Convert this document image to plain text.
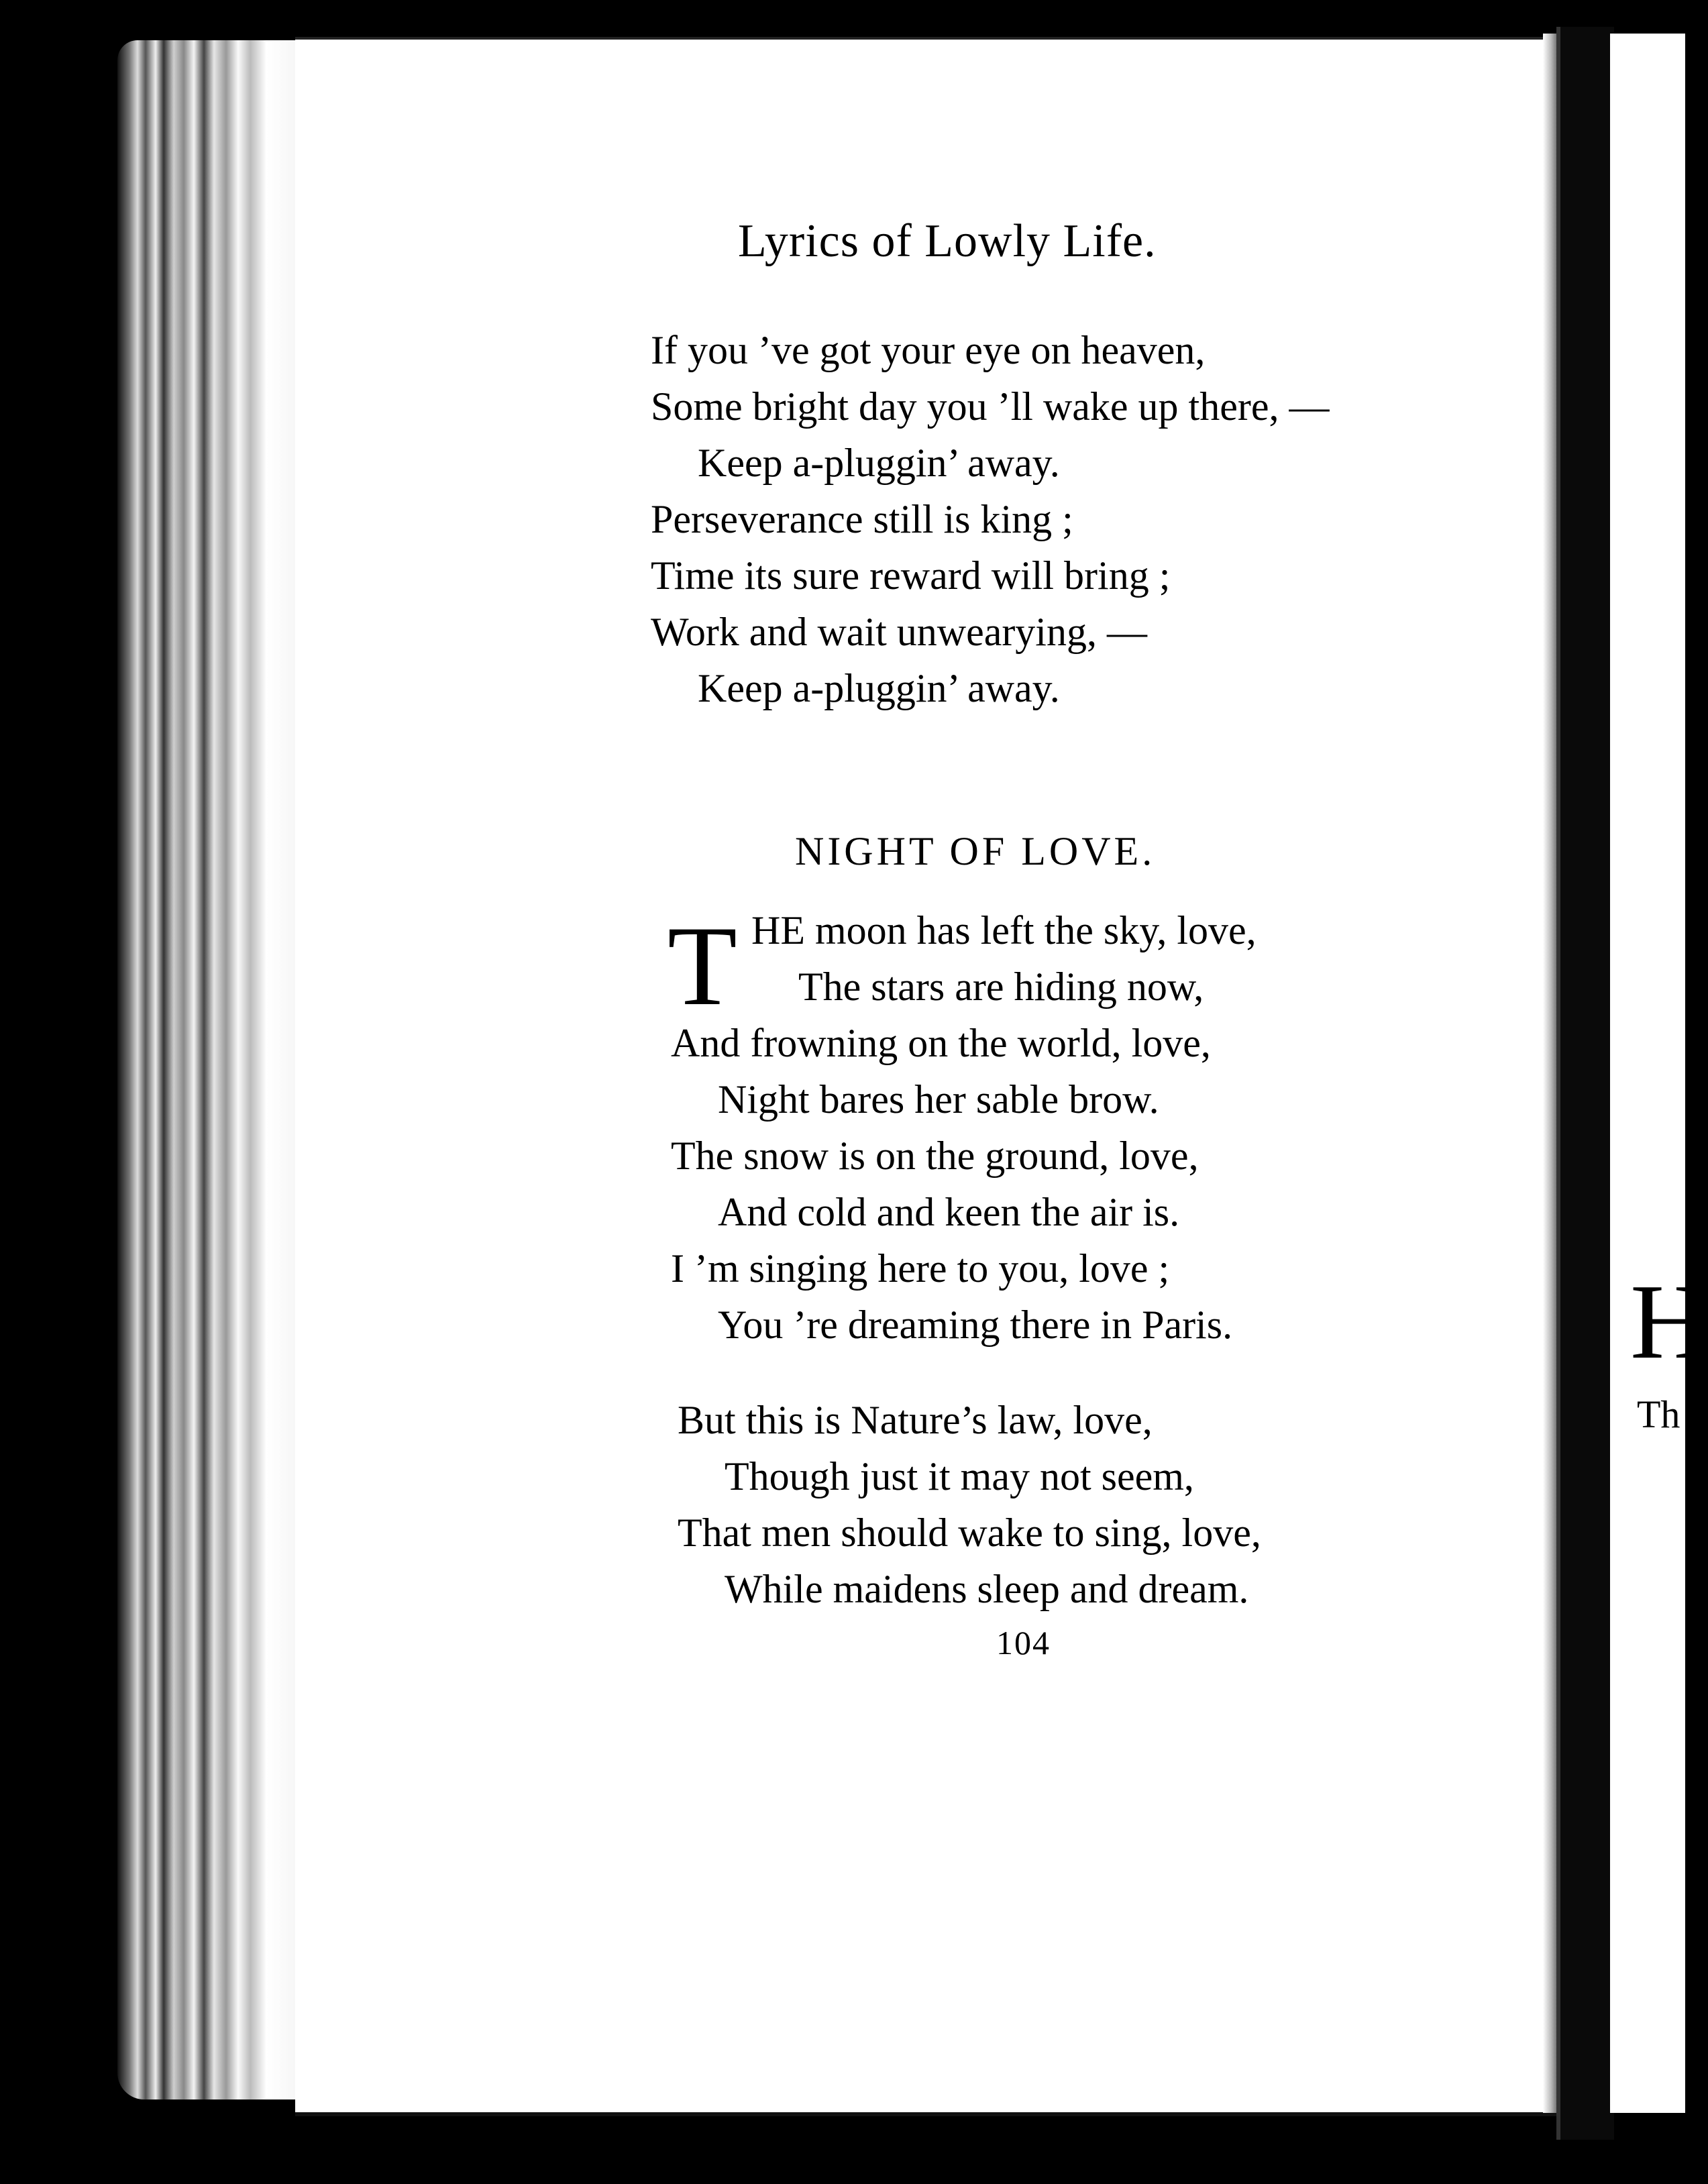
H
Th
Lyrics of Lowly Life.
If you ’ve got your eye on heaven,
Some bright day you ’ll wake up there, —
Keep a-pluggin’ away.
Perseverance still is king ;
Time its sure reward will bring ;
Work and wait unwearying, —
Keep a-pluggin’ away.
NIGHT OF LOVE.
T HE moon has left the sky, love,
The stars are hiding now,
And frowning on the world, love,
Night bares her sable brow.
The snow is on the ground, love,
And cold and keen the air is.
I ’m singing here to you, love ;
You ’re dreaming there in Paris.
But this is Nature’s law, love,
Though just it may not seem,
That men should wake to sing, love,
While maidens sleep and dream.
104
